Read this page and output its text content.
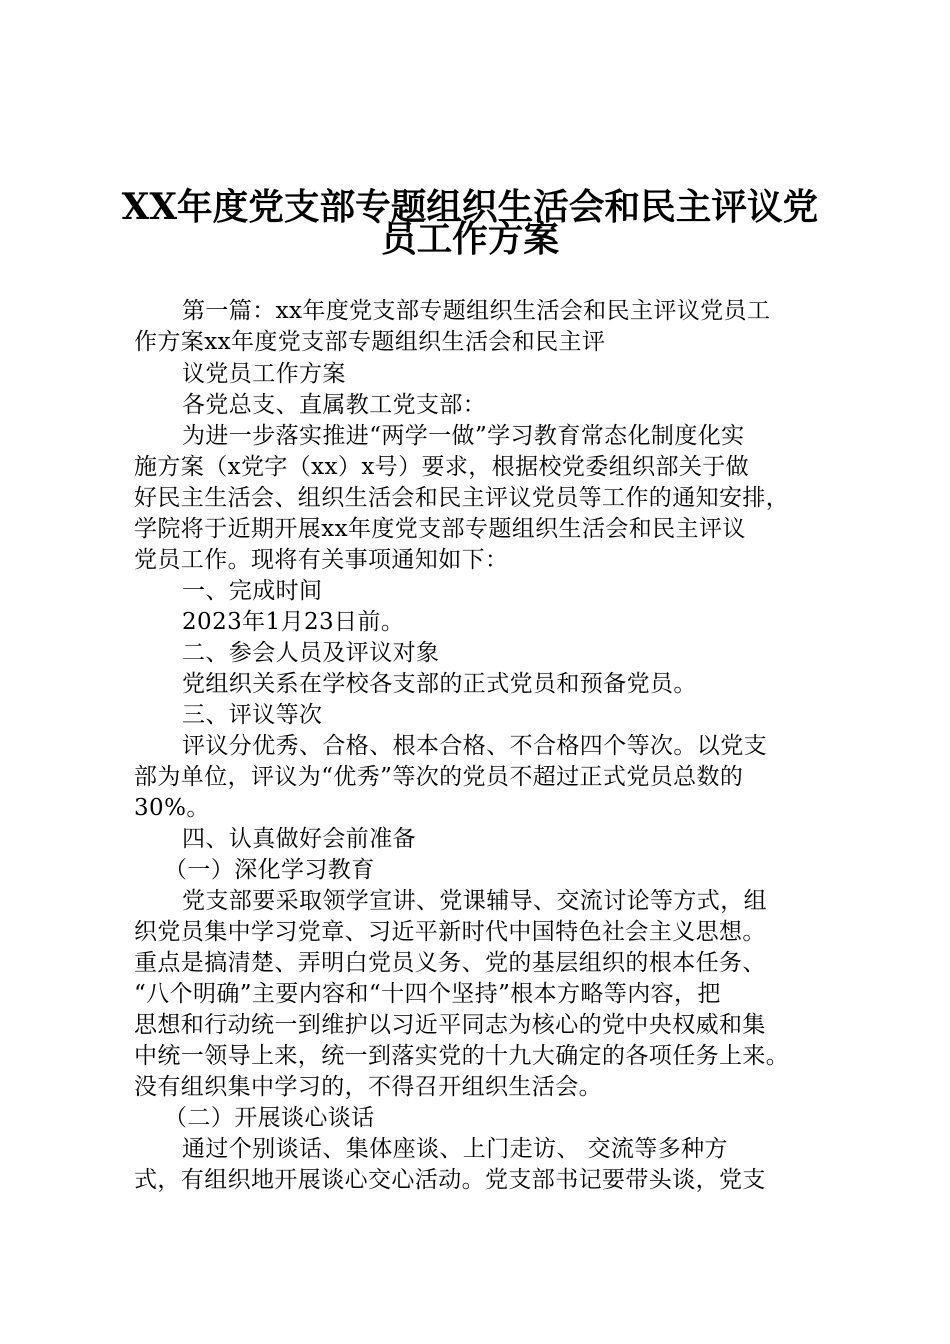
XX年度党支部专题组织生活会和民主评议党
员工作方案
第一篇：xx年度党支部专题组织生活会和民主评议党员工
作方案xx年度党支部专题组织生活会和民主评
议党员工作方案
各党总支、直属教工党支部：
为进一步落实推进“两学一做”学习教育常态化制度化实
施方案（x党字（xx）x号）要求，根据校党委组织部关于做
好民主生活会、组织生活会和民主评议党员等工作的通知安排，
学院将于近期开展xx年度党支部专题组织生活会和民主评议
党员工作。现将有关事项通知如下：
一、完成时间
2023年1月23日前。
二、参会人员及评议对象
党组织关系在学校各支部的正式党员和预备党员。
三、评议等次
评议分优秀、合格、根本合格、不合格四个等次。以党支
部为单位，评议为“优秀”等次的党员不超过正式党员总数的
30%。
四、认真做好会前准备
（一）深化学习教育
党支部要采取领学宣讲、党课辅导、交流讨论等方式，组
织党员集中学习党章、习近平新时代中国特色社会主义思想。
重点是搞清楚、弄明白党员义务、党的基层组织的根本任务、
“八个明确”主要内容和“十四个坚持”根本方略等内容，把
思想和行动统一到维护以习近平同志为核心的党中央权威和集
中统一领导上来，统一到落实党的十九大确定的各项任务上来。
没有组织集中学习的，不得召开组织生活会。
（二）开展谈心谈话
通过个别谈话、集体座谈、上门走访、 交流等多种方
式，有组织地开展谈心交心活动。党支部书记要带头谈，党支
